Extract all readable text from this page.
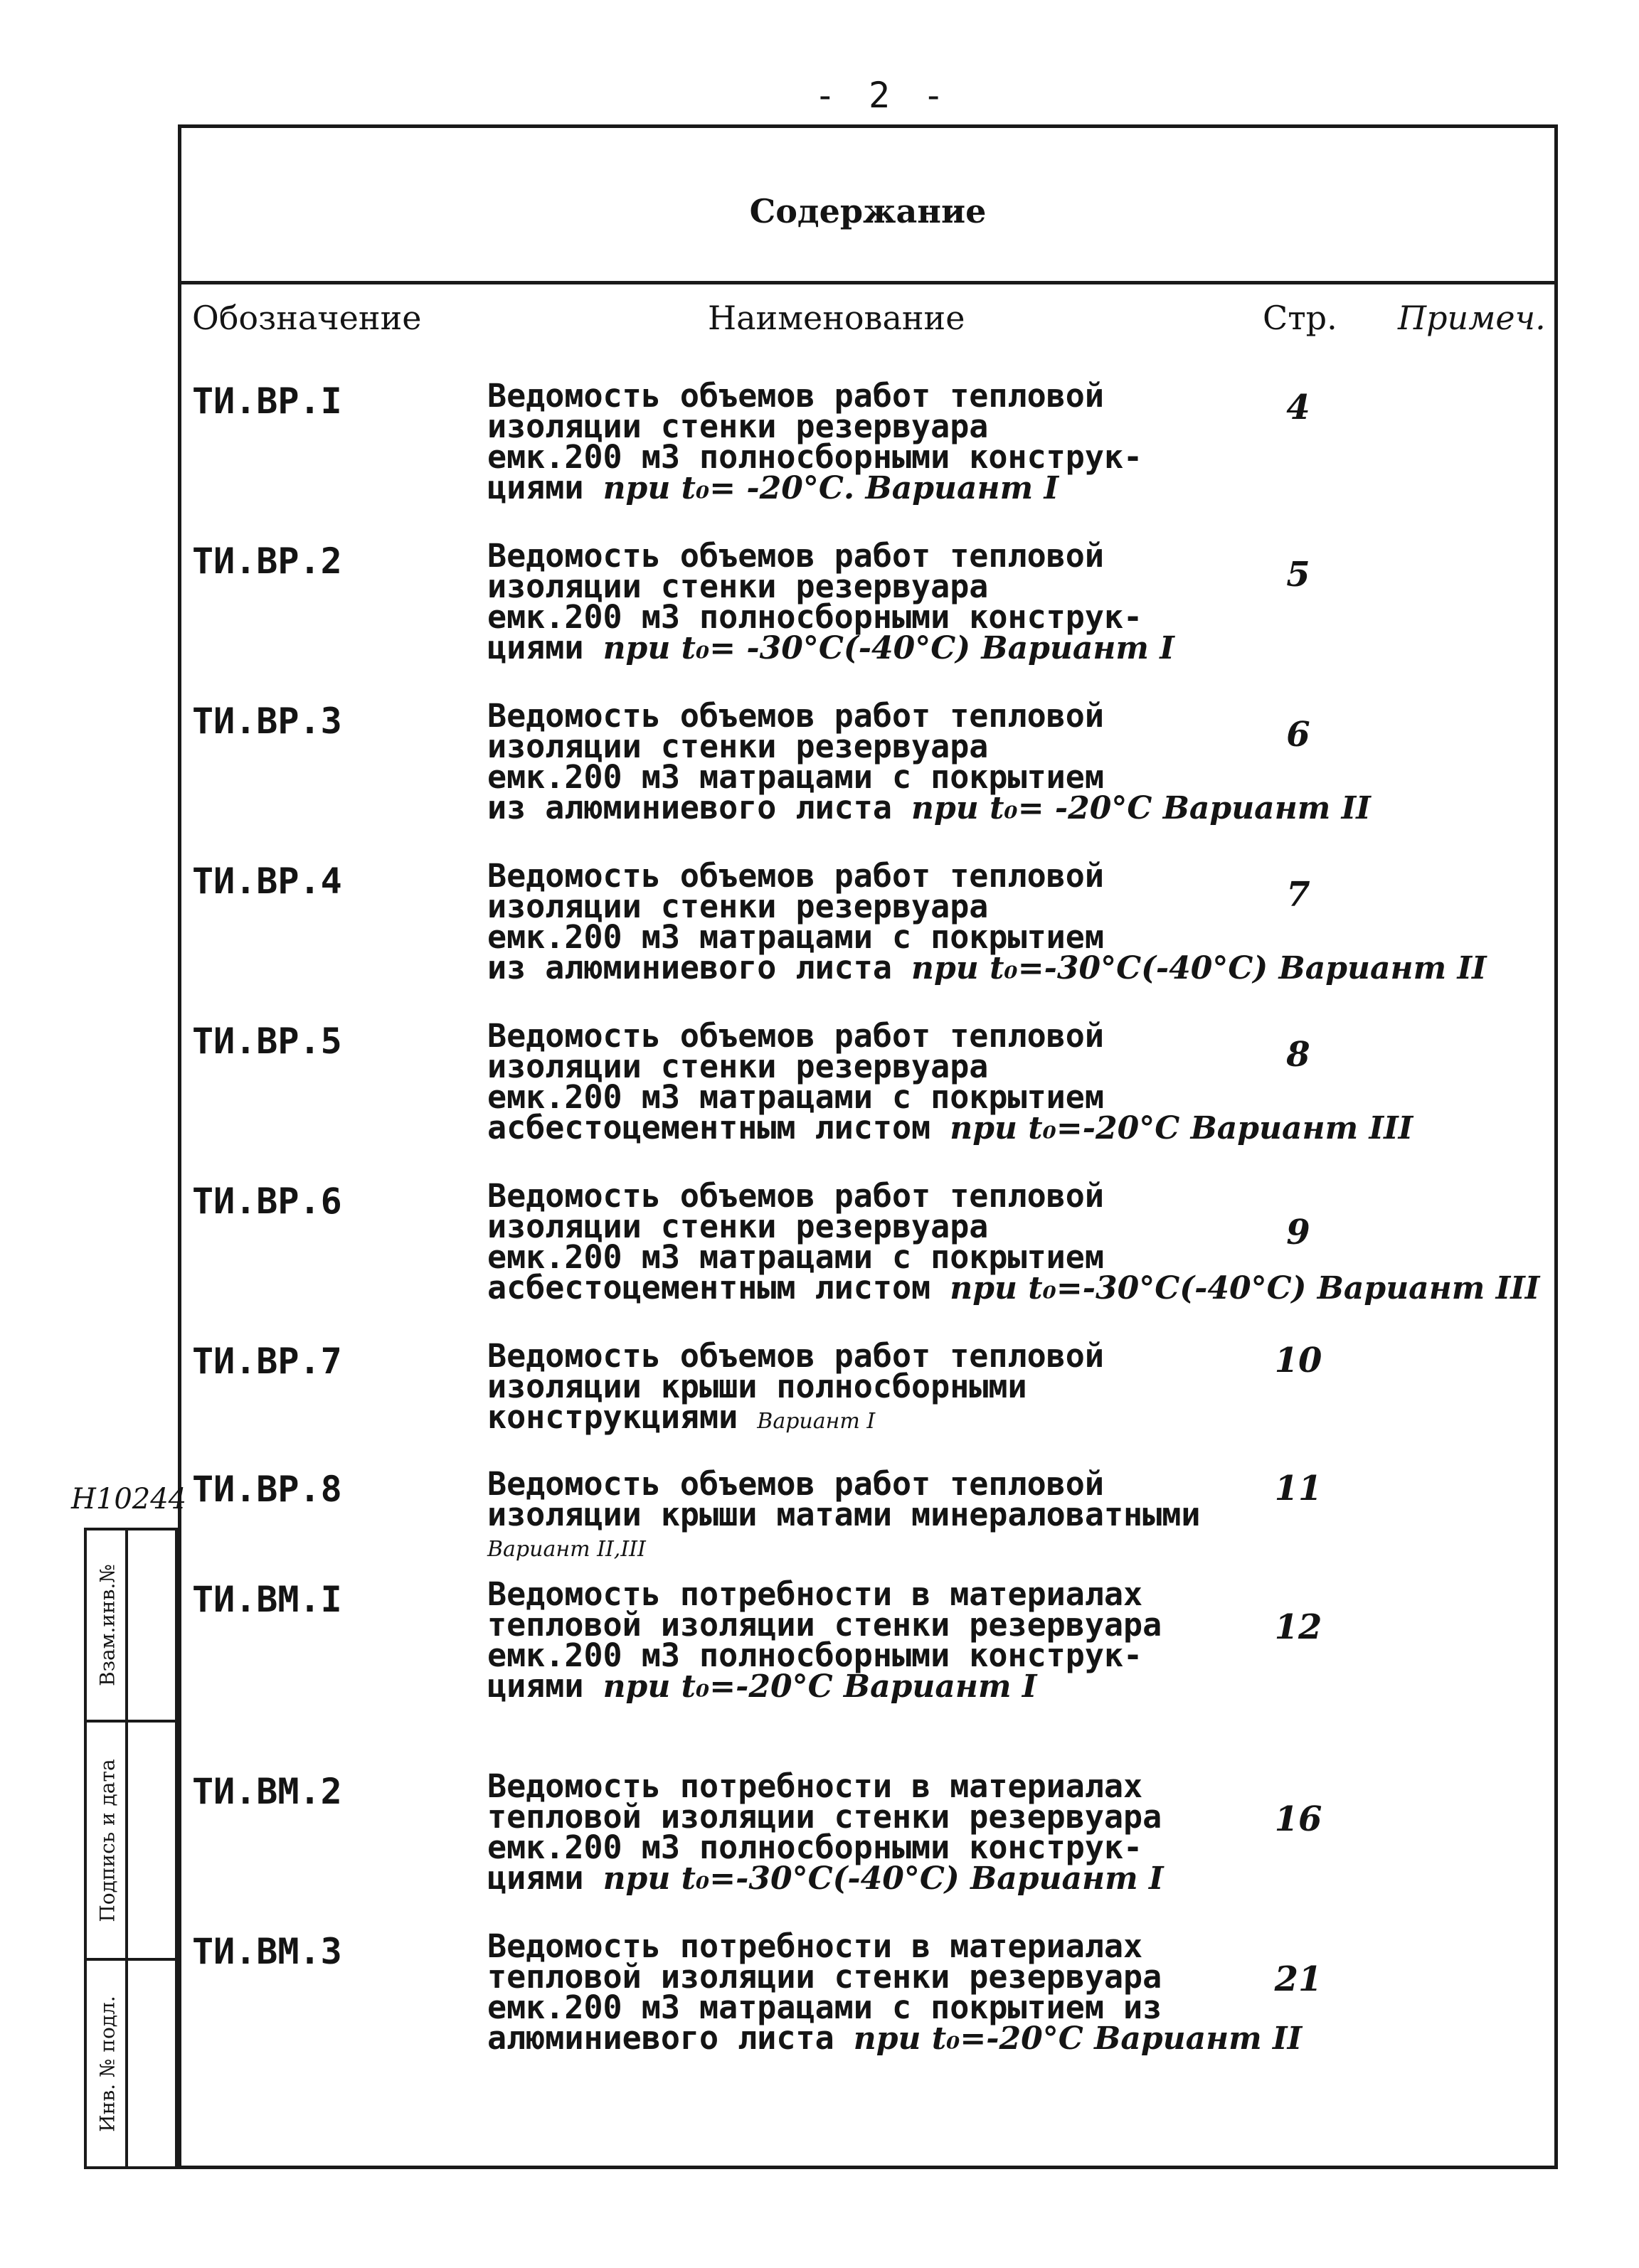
- 2 -
Содержание
Обозначение	Наименование	Стр. Примеч.
ТИ.ВР.I	Ведомость объемов работ тепловой
изоляции стенки резервуара
емк.200 м3 полносборными конструк-
циями при t₀= -20°С. Вариант I
4
ТИ.ВР.2	Ведомость объемов работ тепловой
изоляции стенки резервуара
емк.200 м3 полносборными конструк-
циями при t₀= -30°С(-40°С) Вариант I
5
ТИ.ВР.3	Ведомость объемов работ тепловой
изоляции стенки резервуара
емк.200 м3 матрацами с покрытием
из алюминиевого листа при t₀= -20°С Вариант II
6
ТИ.ВР.4	Ведомость объемов работ тепловой
изоляции стенки резервуара
емк.200 м3 матрацами с покрытием
из алюминиевого листа при t₀=-30°С(-40°С) Вариант II
7
ТИ.ВР.5	Ведомость объемов работ тепловой
изоляции стенки резервуара
емк.200 м3 матрацами с покрытием
асбестоцементным листом при t₀=-20°С Вариант III
8
ТИ.ВР.6	Ведомость объемов работ тепловой
изоляции стенки резервуара
емк.200 м3 матрацами с покрытием
асбестоцементным листом при t₀=-30°С(-40°С) Вариант III
9
ТИ.ВР.7	Ведомость объемов работ тепловой
изоляции крыши полносборными
конструкциями Вариант I
10
ТИ.ВР.8	Ведомость объемов работ тепловой
изоляции крыши матами минераловатными
Вариант II,III
11
ТИ.ВМ.I	Ведомость потребности в материалах
тепловой изоляции стенки резервуара
емк.200 м3 полносборными конструк-
циями при t₀=-20°С Вариант I
12
ТИ.ВМ.2	Ведомость потребности в материалах
тепловой изоляции стенки резервуара
емк.200 м3 полносборными конструк-
циями при t₀=-30°С(-40°С) Вариант I
16
ТИ.ВМ.3	Ведомость потребности в материалах
тепловой изоляции стенки резервуара
емк.200 м3 матрацами с покрытием из
алюминиевого листа при t₀=-20°С Вариант II
21
Н10244
Взам.инв.№
Подпись и дата
Инв. № подл.
